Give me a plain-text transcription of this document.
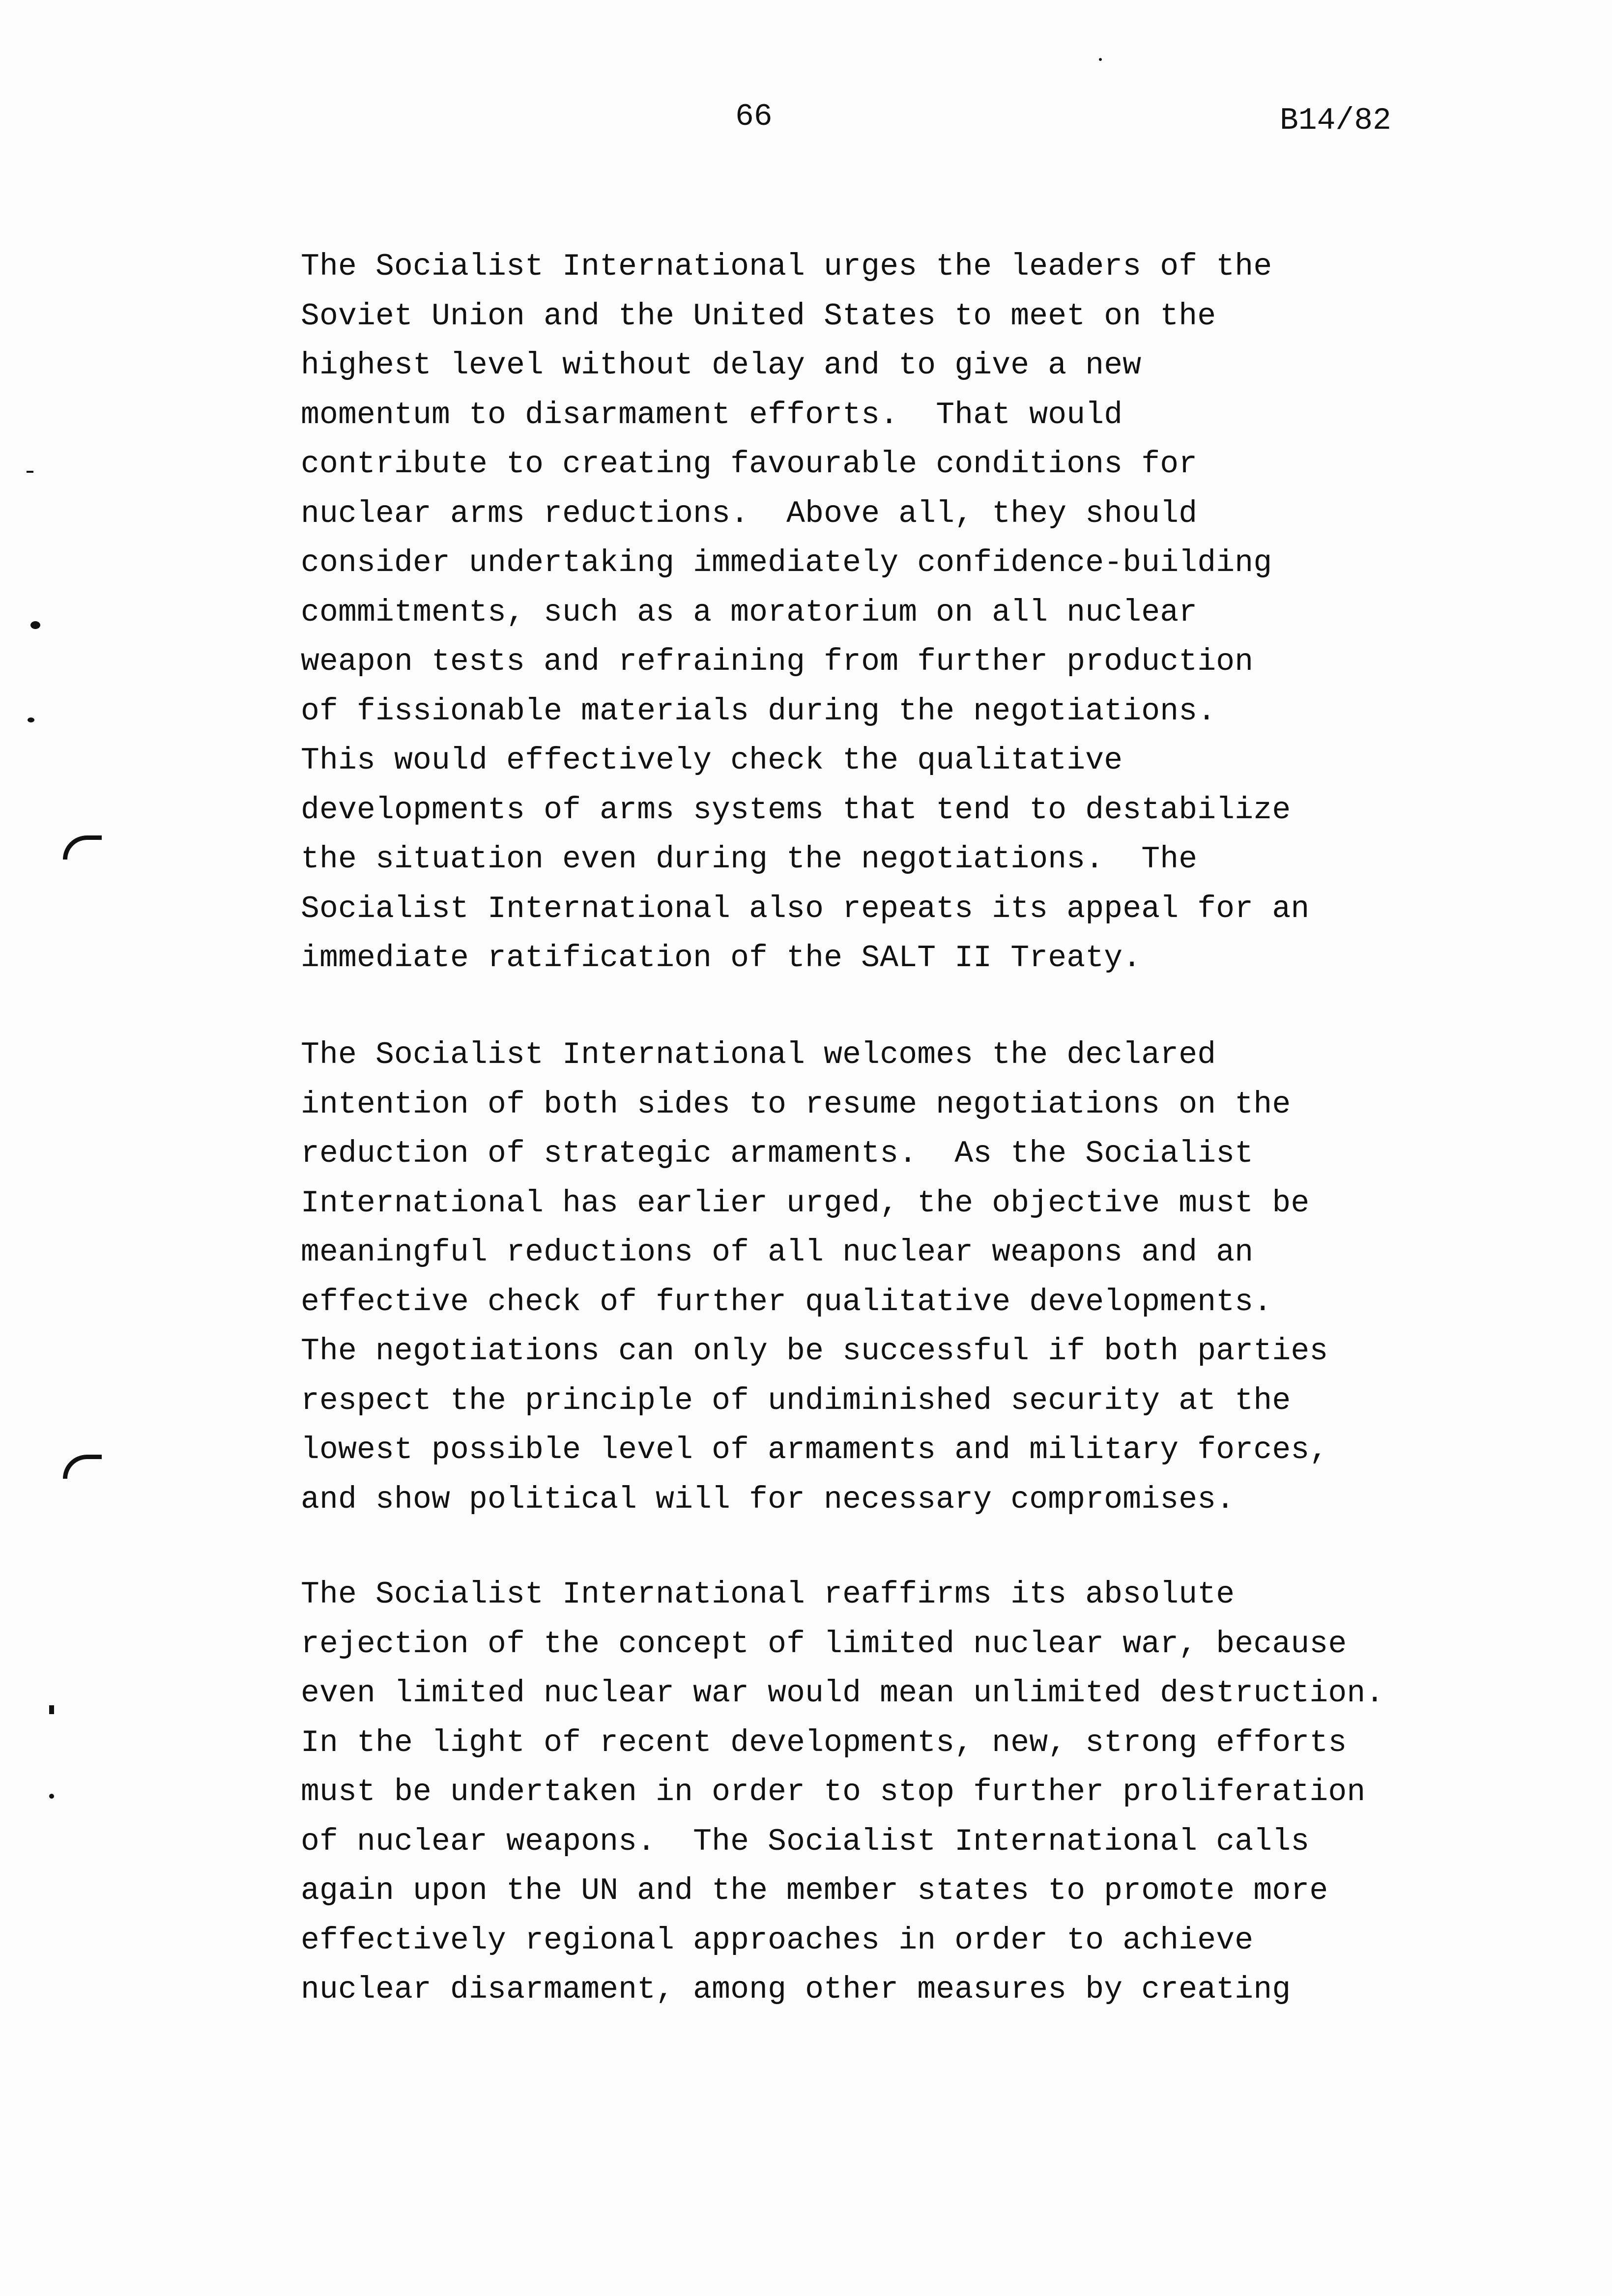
66	B14/82
The Socialist International urges the leaders of the
Soviet Union and the United States to meet on the
highest level without delay and to give a new
momentum to disarmament efforts.  That would
contribute to creating favourable conditions for
nuclear arms reductions.  Above all, they should
consider undertaking immediately confidence-building
commitments, such as a moratorium on all nuclear
weapon tests and refraining from further production
of fissionable materials during the negotiations.
This would effectively check the qualitative
developments of arms systems that tend to destabilize
the situation even during the negotiations.  The
Socialist International also repeats its appeal for an
immediate ratification of the SALT II Treaty.
The Socialist International welcomes the declared
intention of both sides to resume negotiations on the
reduction of strategic armaments.  As the Socialist
International has earlier urged, the objective must be
meaningful reductions of all nuclear weapons and an
effective check of further qualitative developments.
The negotiations can only be successful if both parties
respect the principle of undiminished security at the
lowest possible level of armaments and military forces,
and show political will for necessary compromises.
The Socialist International reaffirms its absolute
rejection of the concept of limited nuclear war, because
even limited nuclear war would mean unlimited destruction.
In the light of recent developments, new, strong efforts
must be undertaken in order to stop further proliferation
of nuclear weapons.  The Socialist International calls
again upon the UN and the member states to promote more
effectively regional approaches in order to achieve
nuclear disarmament, among other measures by creating
